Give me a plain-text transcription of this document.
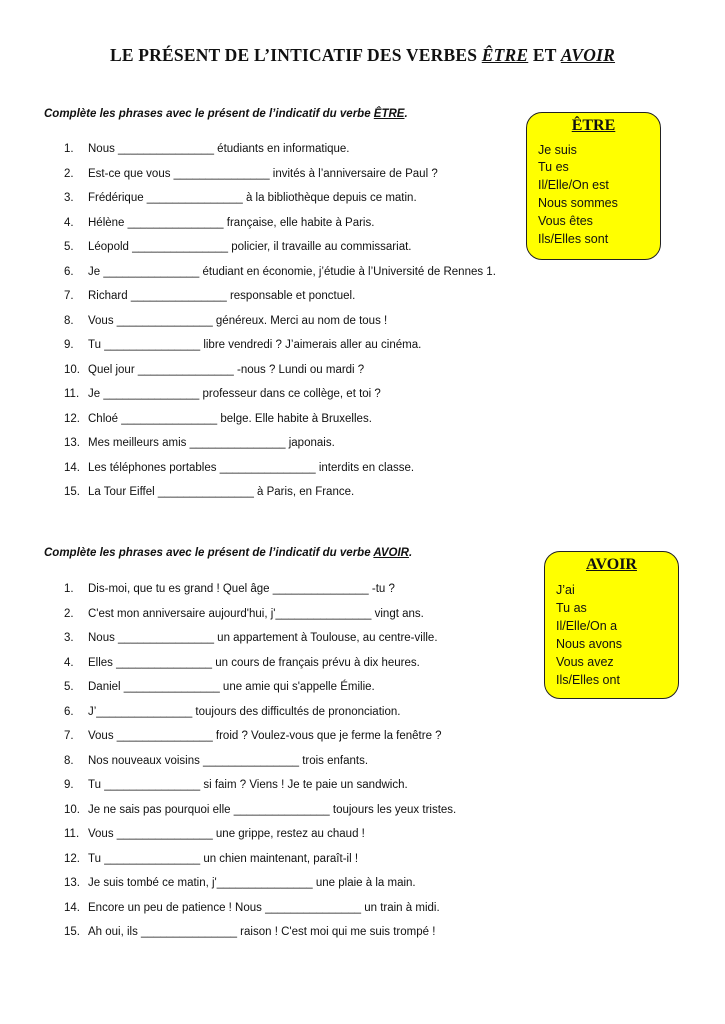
LE PRÉSENT DE L’INTICATIF DES VERBES ÊTRE ET AVOIR

Complète les phrases avec le présent de l’indicatif du verbe ÊTRE.

ÊTRE
Je suis
Tu es
Il/Elle/On est
Nous sommes
Vous êtes
Ils/Elles sont
1. Nous _______________ étudiants en informatique.
2. Est-ce que vous _______________ invités à l’anniversaire de Paul ?
3. Frédérique _______________ à la bibliothèque depuis ce matin.
4. Hélène _______________ française, elle habite à Paris.
5. Léopold _______________ policier, il travaille au commissariat.
6. Je _______________ étudiant en économie, j’étudie à l’Université de Rennes 1.
7. Richard _______________ responsable et ponctuel.
8. Vous _______________ généreux. Merci au nom de tous !
9. Tu _______________ libre vendredi ? J’aimerais aller au cinéma.
10. Quel jour _______________ -nous ? Lundi ou mardi ?
11. Je _______________ professeur dans ce collège, et toi ?
12. Chloé _______________ belge. Elle habite à Bruxelles.
13. Mes meilleurs amis _______________ japonais.
14. Les téléphones portables _______________ interdits en classe.
15. La Tour Eiffel _______________ à Paris, en France.

Complète les phrases avec le présent de l’indicatif du verbe AVOIR.

AVOIR
J’ai
Tu as
Il/Elle/On a
Nous avons
Vous avez
Ils/Elles ont
1. Dis-moi, que tu es grand ! Quel âge _______________ -tu ?
2. C'est mon anniversaire aujourd'hui, j'_______________ vingt ans.
3. Nous _______________ un appartement à Toulouse, au centre-ville.
4. Elles _______________ un cours de français prévu à dix heures.
5. Daniel _______________ une amie qui s'appelle Émilie.
6. J’_______________ toujours des difficultés de prononciation.
7. Vous _______________ froid ? Voulez-vous que je ferme la fenêtre ?
8. Nos nouveaux voisins _______________ trois enfants.
9. Tu _______________ si faim ? Viens ! Je te paie un sandwich.
10. Je ne sais pas pourquoi elle _______________ toujours les yeux tristes.
11. Vous _______________ une grippe, restez au chaud !
12. Tu _______________ un chien maintenant, paraît-il !
13. Je suis tombé ce matin, j'_______________ une plaie à la main.
14. Encore un peu de patience ! Nous _______________ un train à midi.
15. Ah oui, ils _______________ raison ! C'est moi qui me suis trompé !
